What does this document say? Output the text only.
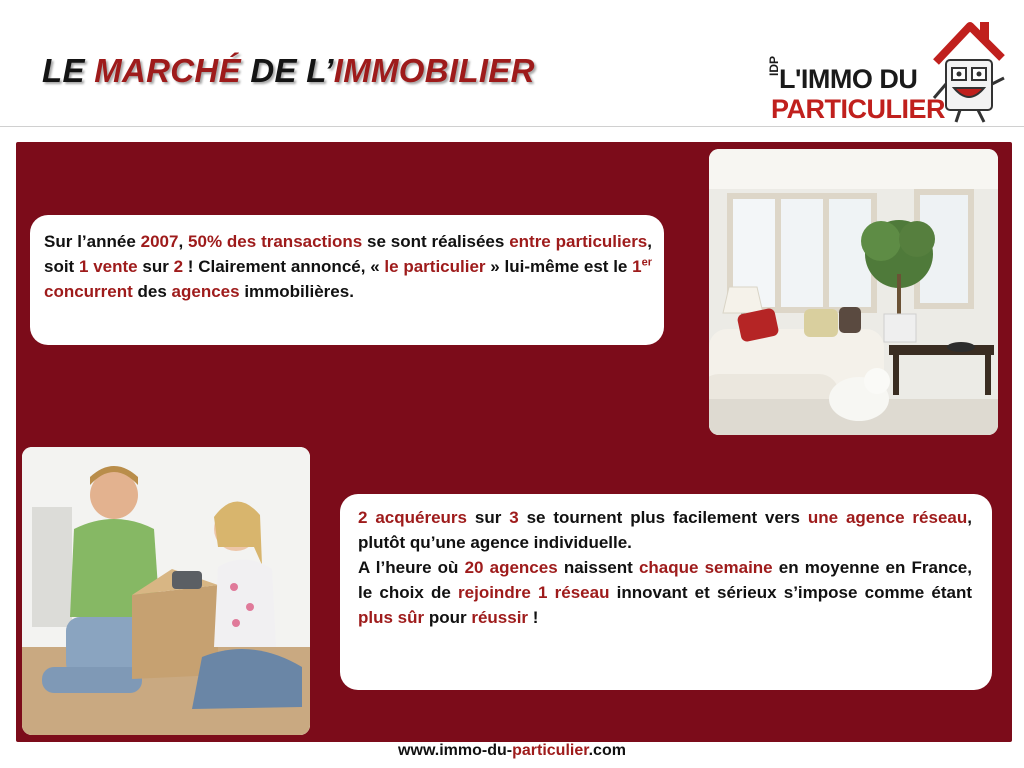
LE MARCHÉ DE L’IMMOBILIER	IDP
L'IMMO DU
PARTICULIER
Sur l’année 2007, 50% des transactions se sont réalisées entre particuliers, soit 1 vente sur 2 ! Clairement annoncé, « le particulier » lui-même est le 1er concurrent des agences immobilières.
2 acquéreurs sur 3 se tournent plus facilement vers une agence réseau, plutôt qu’une agence individuelle.
A l’heure où 20 agences naissent chaque semaine en moyenne en France, le choix de rejoindre 1 réseau innovant et sérieux s’impose comme étant plus sûr pour réussir !
www.immo-du-particulier.com
